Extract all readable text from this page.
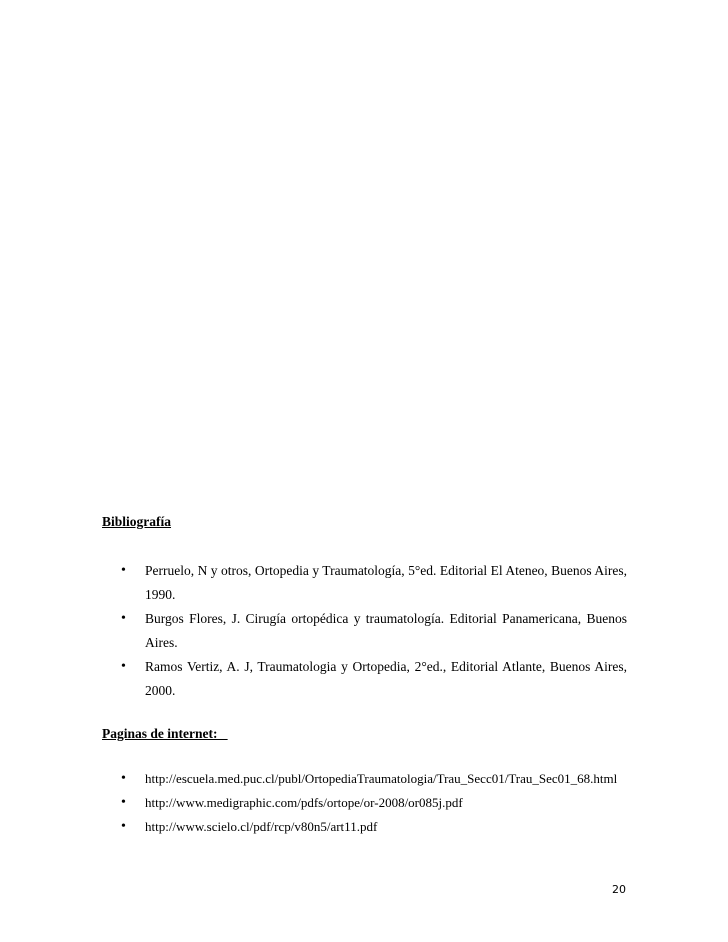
Bibliografía
• Perruelo, N y otros, Ortopedia y Traumatología, 5°ed. Editorial El Ateneo, Buenos Aires, 1990.
• Burgos Flores, J. Cirugía ortopédica y traumatología. Editorial Panamericana, Buenos Aires.
• Ramos Vertiz, A. J, Traumatologia y Ortopedia, 2°ed., Editorial Atlante, Buenos Aires, 2000.
Paginas de internet:
• http://escuela.med.puc.cl/publ/OrtopediaTraumatologia/Trau_Secc01/Trau_Sec01_68.html
• http://www.medigraphic.com/pdfs/ortope/or-2008/or085j.pdf
• http://www.scielo.cl/pdf/rcp/v80n5/art11.pdf
20
